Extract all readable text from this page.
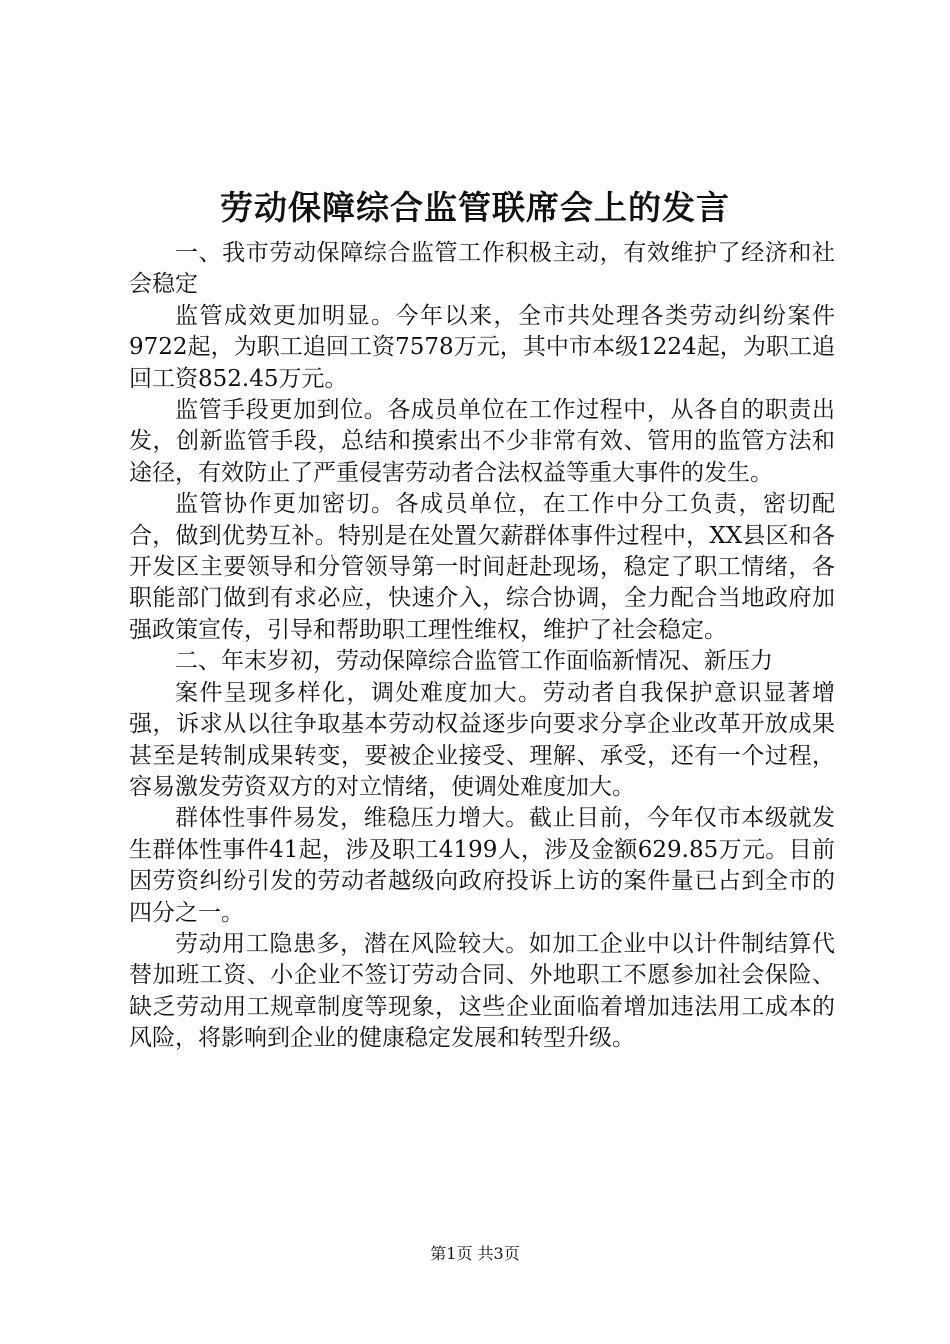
劳动保障综合监管联席会上的发言

一、我市劳动保障综合监管工作积极主动，有效维护了经济和社会稳定

监管成效更加明显。今年以来，全市共处理各类劳动纠纷案件9722起，为职工追回工资7578万元，其中市本级1224起，为职工追回工资852.45万元。

监管手段更加到位。各成员单位在工作过程中，从各自的职责出发，创新监管手段，总结和摸索出不少非常有效、管用的监管方法和途径，有效防止了严重侵害劳动者合法权益等重大事件的发生。

监管协作更加密切。各成员单位，在工作中分工负责，密切配合，做到优势互补。特别是在处置欠薪群体事件过程中，XX县区和各开发区主要领导和分管领导第一时间赶赴现场，稳定了职工情绪，各职能部门做到有求必应，快速介入，综合协调，全力配合当地政府加强政策宣传，引导和帮助职工理性维权，维护了社会稳定。

二、年末岁初，劳动保障综合监管工作面临新情况、新压力

案件呈现多样化，调处难度加大。劳动者自我保护意识显著增强，诉求从以往争取基本劳动权益逐步向要求分享企业改革开放成果甚至是转制成果转变，要被企业接受、理解、承受，还有一个过程，容易激发劳资双方的对立情绪，使调处难度加大。

群体性事件易发，维稳压力增大。截止目前，今年仅市本级就发生群体性事件41起，涉及职工4199人，涉及金额629.85万元。目前因劳资纠纷引发的劳动者越级向政府投诉上访的案件量已占到全市的四分之一。

劳动用工隐患多，潜在风险较大。如加工企业中以计件制结算代替加班工资、小企业不签订劳动合同、外地职工不愿参加社会保险、缺乏劳动用工规章制度等现象，这些企业面临着增加违法用工成本的风险，将影响到企业的健康稳定发展和转型升级。

第1页 共3页
